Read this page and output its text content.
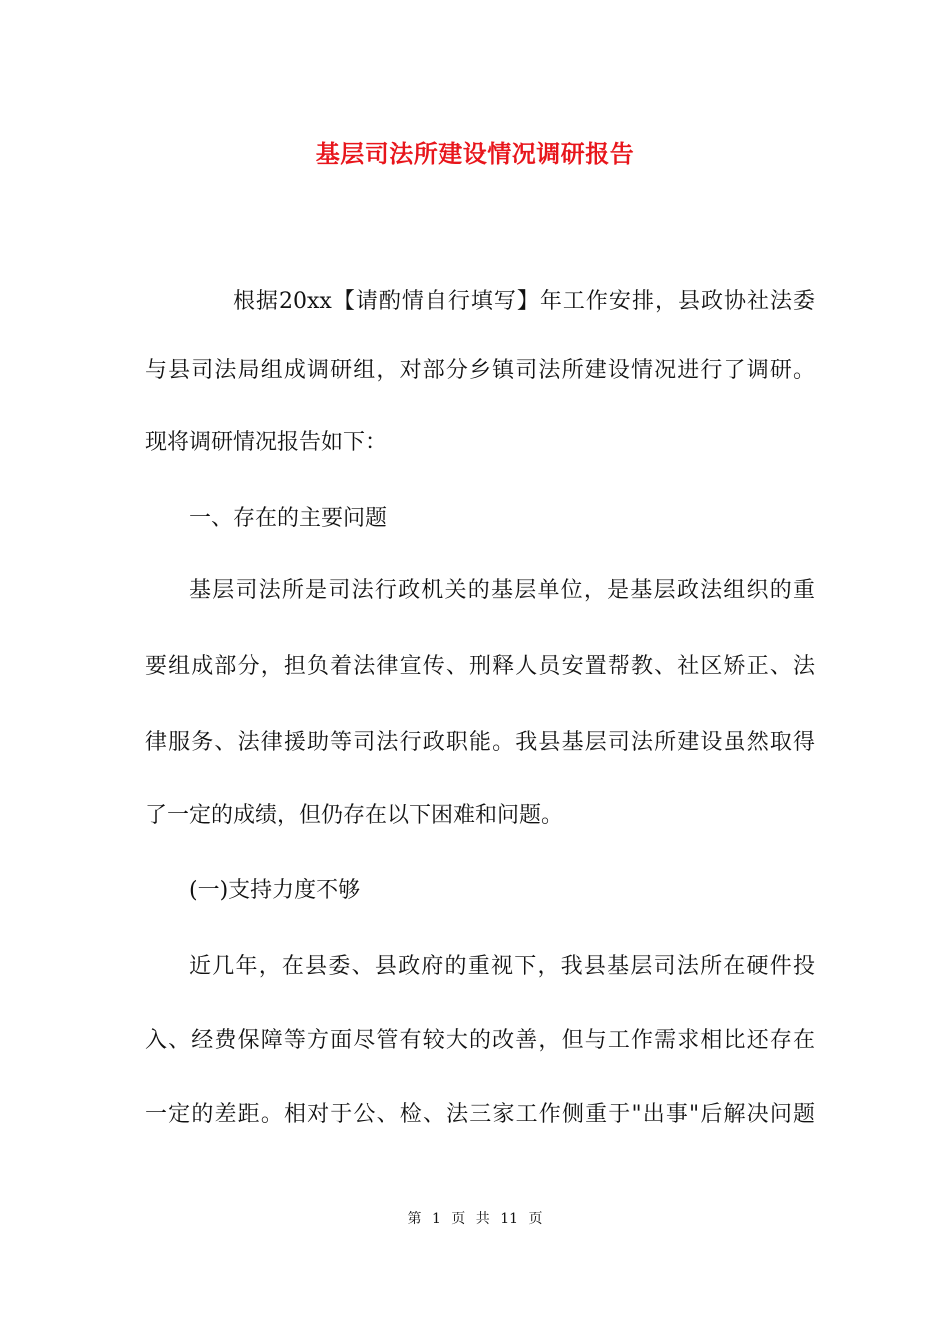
基层司法所建设情况调研报告
根据20xx【请酌情自行填写】年工作安排，县政协社法委
与县司法局组成调研组，对部分乡镇司法所建设情况进行了调研。
现将调研情况报告如下：
一、存在的主要问题
基层司法所是司法行政机关的基层单位，是基层政法组织的重
要组成部分，担负着法律宣传、刑释人员安置帮教、社区矫正、法
律服务、法律援助等司法行政职能。我县基层司法所建设虽然取得
了一定的成绩，但仍存在以下困难和问题。
(一)支持力度不够
近几年，在县委、县政府的重视下，我县基层司法所在硬件投
入、经费保障等方面尽管有较大的改善，但与工作需求相比还存在
一定的差距。相对于公、检、法三家工作侧重于"出事"后解决问题
第 1 页 共 11 页
